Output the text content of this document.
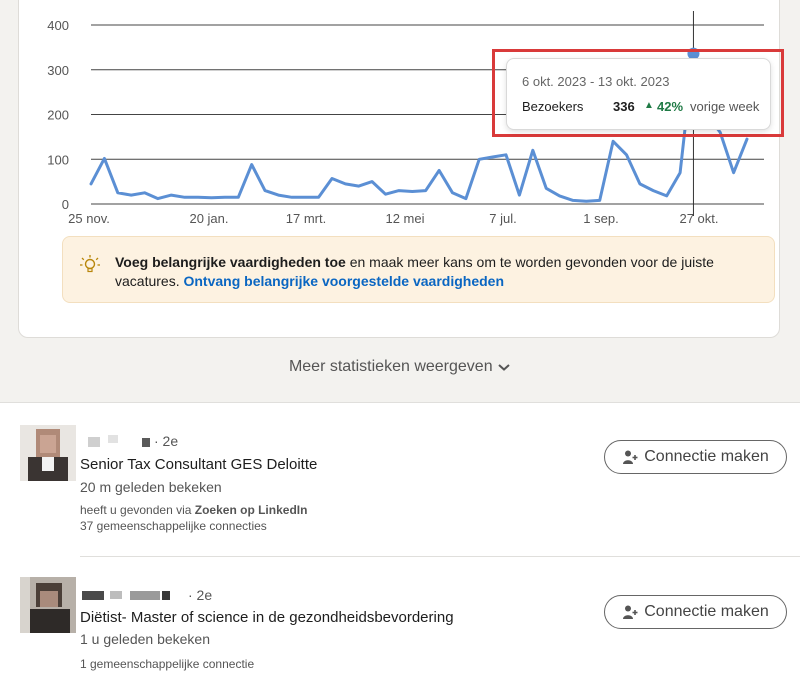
400
300
200
100
0
25 nov.	20 jan.	17 mrt.	12 mei	7 jul.	1 sep.	27 okt.
6 okt. 2023 - 13 okt. 2023
Bezoekers 336 ▲ 42% vorige week
Voeg belangrijke vaardigheden toe en maak meer kans om te worden gevonden voor de juiste vacatures. Ontvang belangrijke voorgestelde vaardigheden
Meer statistieken weergeven
· 2e
Senior Tax Consultant GES Deloitte
20 m geleden bekeken
heeft u gevonden via Zoeken op LinkedIn
37 gemeenschappelijke connecties
Connectie maken
· 2e
Diëtist- Master of science in de gezondheidsbevordering
1 u geleden bekeken
1 gemeenschappelijke connectie
Connectie maken
